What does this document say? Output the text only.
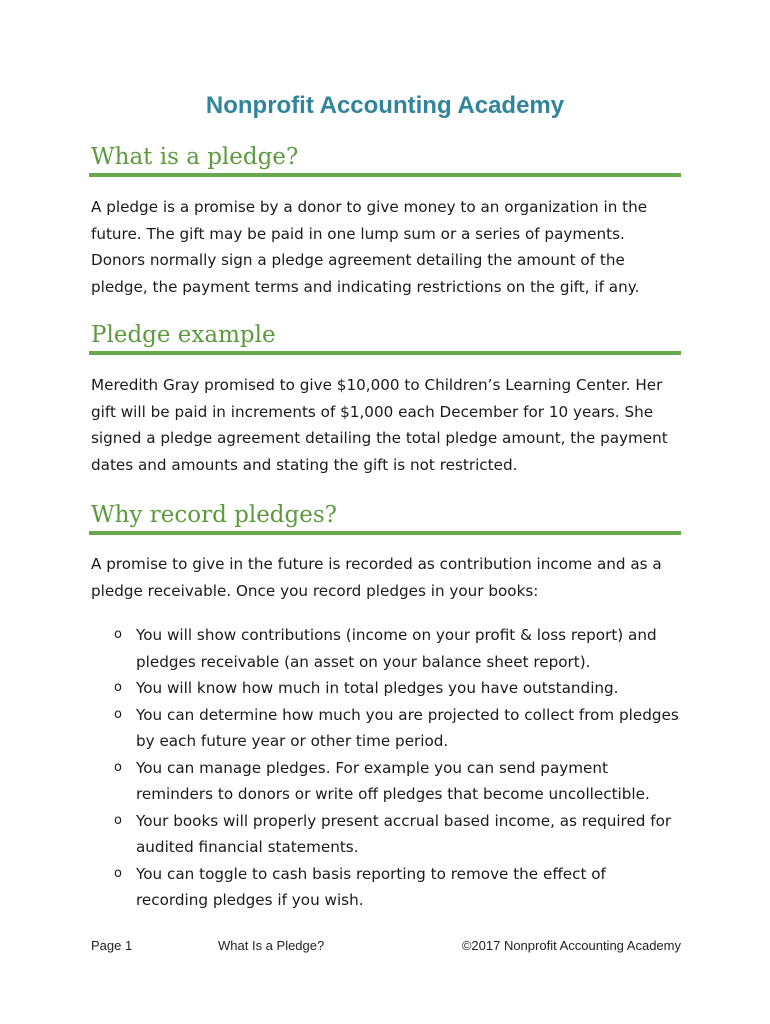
Nonprofit Accounting Academy
What is a pledge?

A pledge is a promise by a donor to give money to an organization in the future. The gift may be paid in one lump sum or a series of payments. Donors normally sign a pledge agreement detailing the amount of the pledge, the payment terms and indicating restrictions on the gift, if any.

Pledge example

Meredith Gray promised to give $10,000 to Children’s Learning Center. Her gift will be paid in increments of $1,000 each December for 10 years. She signed a pledge agreement detailing the total pledge amount, the payment dates and amounts and stating the gift is not restricted.

Why record pledges?

A promise to give in the future is recorded as contribution income and as a pledge receivable. Once you record pledges in your books:

o You will show contributions (income on your profit & loss report) and pledges receivable (an asset on your balance sheet report).
o You will know how much in total pledges you have outstanding.
o You can determine how much you are projected to collect from pledges by each future year or other time period.
o You can manage pledges. For example you can send payment reminders to donors or write off pledges that become uncollectible.
o Your books will properly present accrual based income, as required for audited financial statements.
o You can toggle to cash basis reporting to remove the effect of recording pledges if you wish.
Page 1	What Is a Pledge?	©2017 Nonprofit Accounting Academy
